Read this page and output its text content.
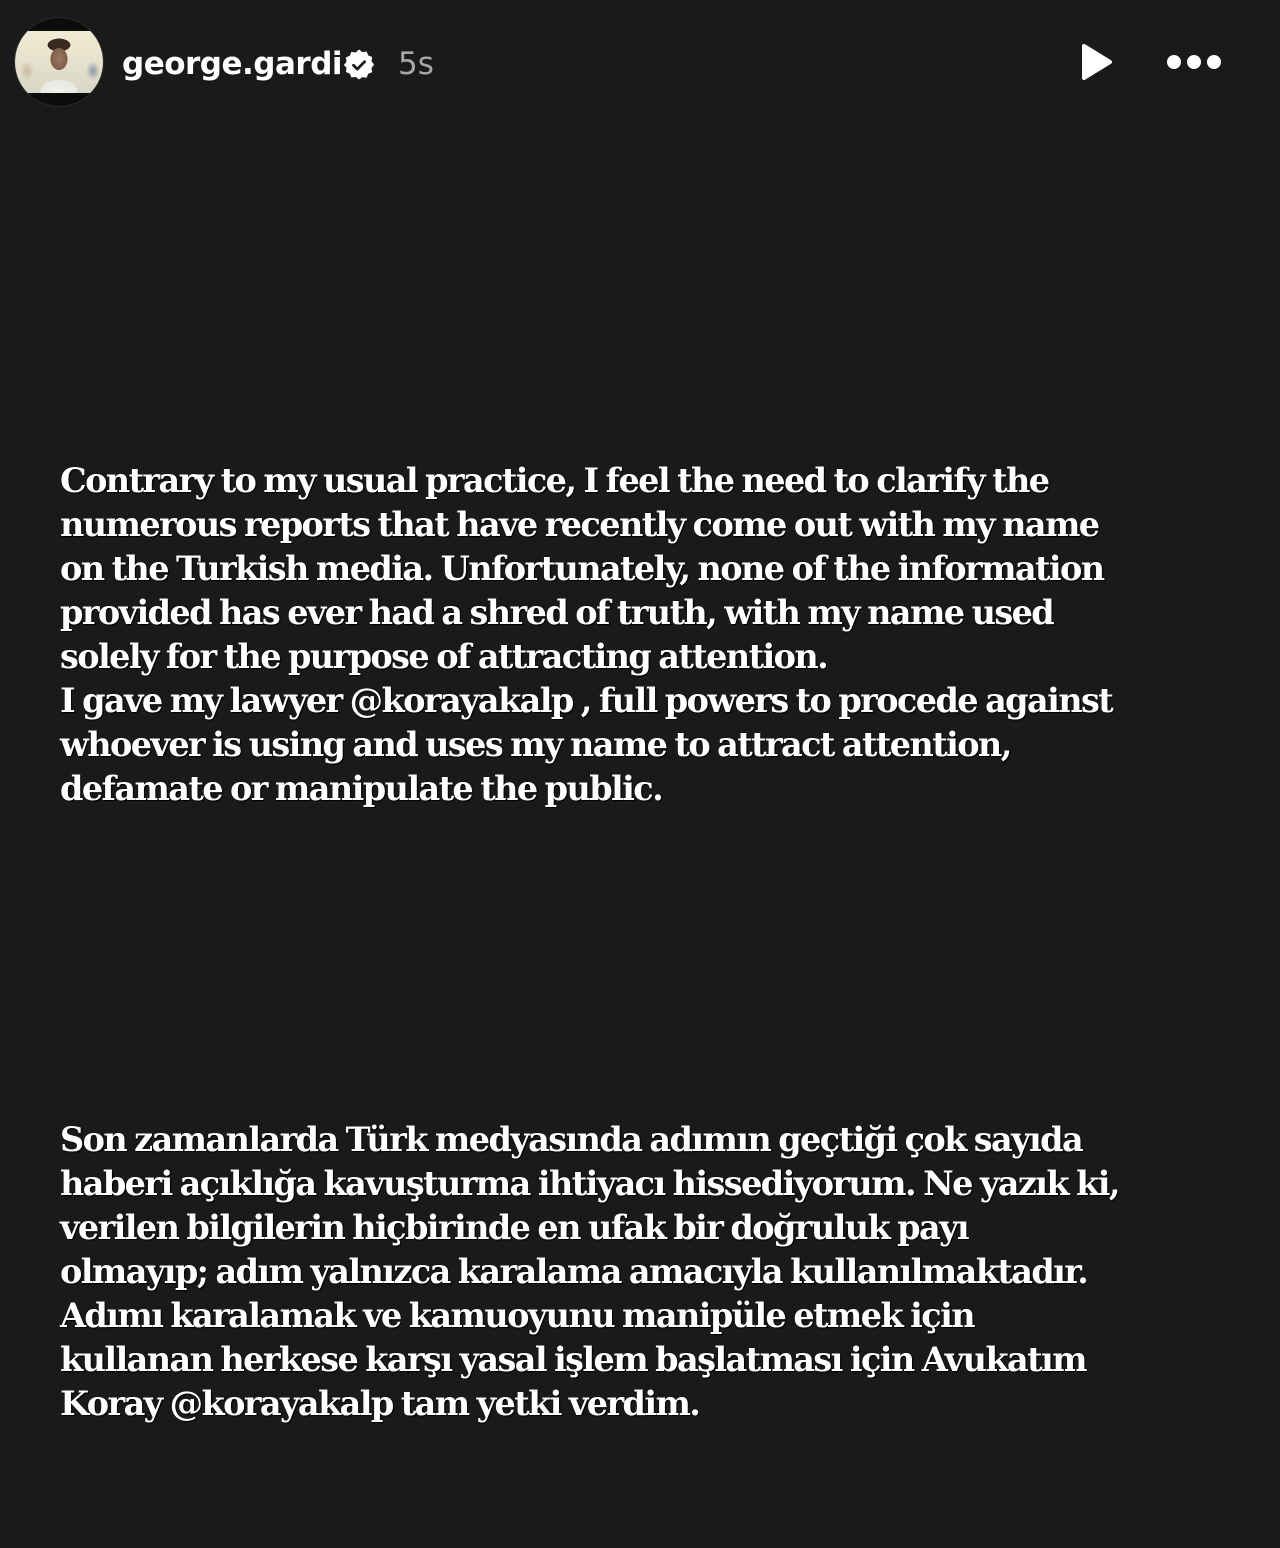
george.gardi 5s
Contrary to my usual practice, I feel the need to clarify the
numerous reports that have recently come out with my name
on the Turkish media. Unfortunately, none of the information
provided has ever had a shred of truth, with my name used
solely for the purpose of attracting attention.
I gave my lawyer @korayakalp , full powers to procede against
whoever is using and uses my name to attract attention,
defamate or manipulate the public.
Son zamanlarda Türk medyasında adımın geçtiği çok sayıda
haberi açıklığa kavuşturma ihtiyacı hissediyorum. Ne yazık ki,
verilen bilgilerin hiçbirinde en ufak bir doğruluk payı
olmayıp; adım yalnızca karalama amacıyla kullanılmaktadır.
Adımı karalamak ve kamuoyunu manipüle etmek için
kullanan herkese karşı yasal işlem başlatması için Avukatım
Koray @korayakalp tam yetki verdim.
